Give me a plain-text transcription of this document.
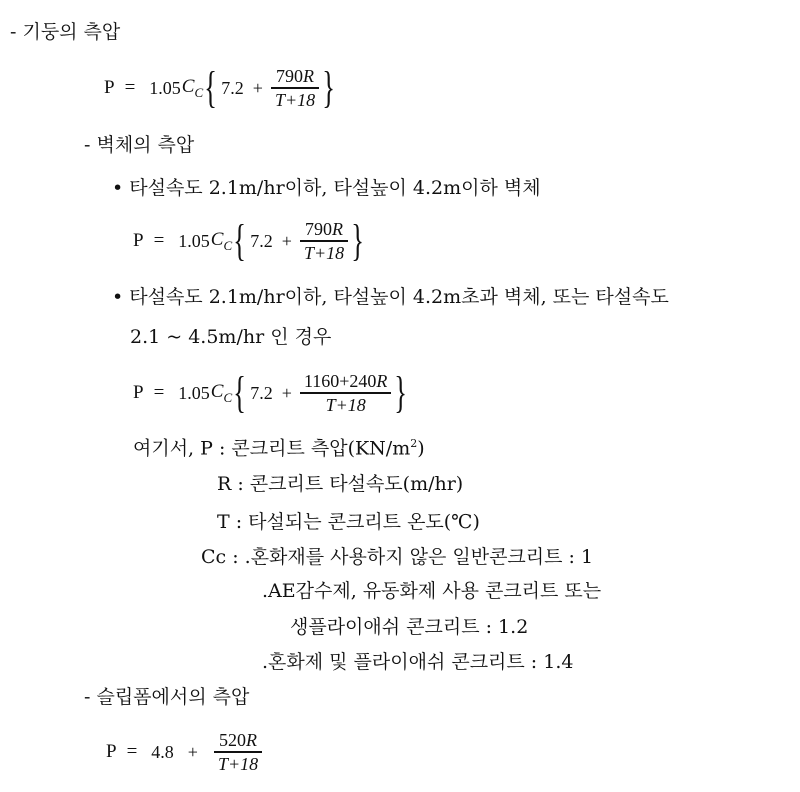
- 기둥의 측압
P = 1.05 $C_C$ { $7.2 + \frac{790R}{T+18}$ }
- 벽체의 측압
• 타설속도 2.1m/hr이하, 타설높이 4.2m이하 벽체
P = 1.05 $C_C$ { $7.2 + \frac{790R}{T+18}$ }
• 타설속도 2.1m/hr이하, 타설높이 4.2m초과 벽체, 또는 타설속도
2.1 ~ 4.5m/hr 인 경우
P = 1.05 $C_C$ { $7.2 + \frac{1160+240R}{T+18}$ }
여기서, P : 콘크리트 측압$(KN/m^2)$
R : 콘크리트 타설속도(m/hr)
T : 타설되는 콘크리트 온도(℃)
Cc : .혼화재를 사용하지 않은 일반콘크리트 : 1
.AE감수제, 유동화제 사용 콘크리트 또는
생플라이애쉬 콘크리트 : 1.2
.혼화제 및 플라이애쉬 콘크리트 : 1.4
- 슬립폼에서의 측압
$P = 4.8 + \frac{520R}{T+18}$
